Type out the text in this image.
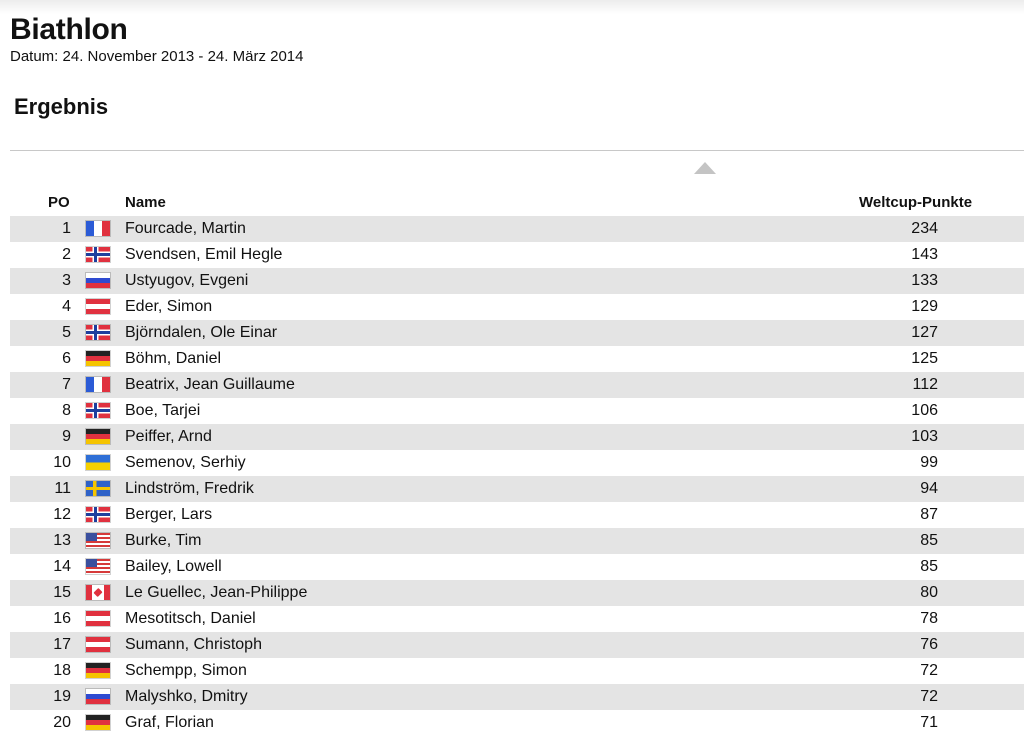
Biathlon
Datum: 24. November 2013 - 24. März 2014
Ergebnis
PO	Name	Weltcup-Punkte
1	Fourcade, Martin	234
2	Svendsen, Emil Hegle	143
3	Ustyugov, Evgeni	133
4	Eder, Simon	129
5	Björndalen, Ole Einar	127
6	Böhm, Daniel	125
7	Beatrix, Jean Guillaume	112
8	Boe, Tarjei	106
9	Peiffer, Arnd	103
10	Semenov, Serhiy	99
11	Lindström, Fredrik	94
12	Berger, Lars	87
13	Burke, Tim	85
14	Bailey, Lowell	85
15	Le Guellec, Jean-Philippe	80
16	Mesotitsch, Daniel	78
17	Sumann, Christoph	76
18	Schempp, Simon	72
19	Malyshko, Dmitry	72
20	Graf, Florian	71
